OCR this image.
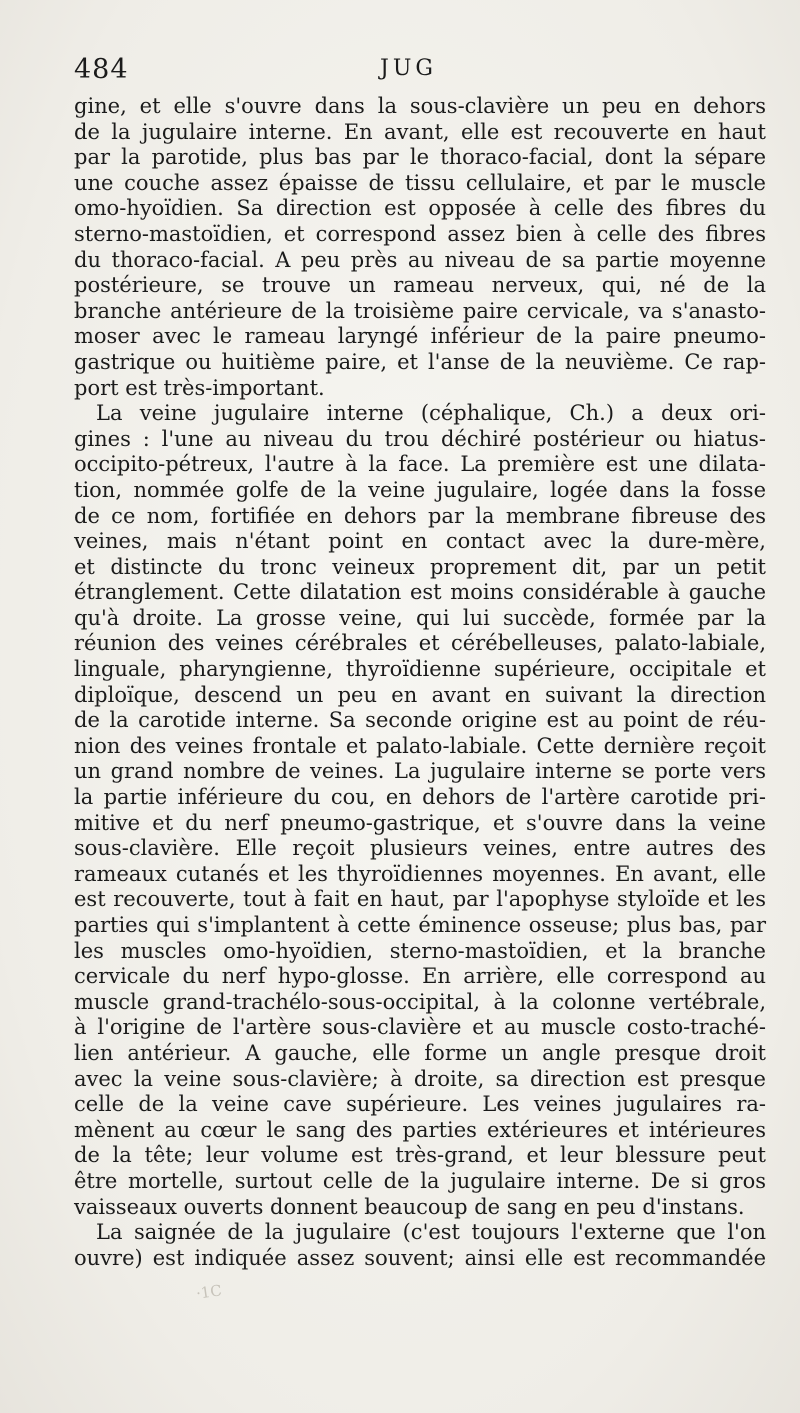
484	JUG
gine, et elle s'ouvre dans la sous-clavière un peu en dehors
de la jugulaire interne. En avant, elle est recouverte en haut
par la parotide, plus bas par le thoraco-facial, dont la sépare
une couche assez épaisse de tissu cellulaire, et par le muscle
omo-hyoïdien. Sa direction est opposée à celle des fibres du
sterno-mastoïdien, et correspond assez bien à celle des fibres
du thoraco-facial. A peu près au niveau de sa partie moyenne
postérieure, se trouve un rameau nerveux, qui, né de la
branche antérieure de la troisième paire cervicale, va s'anasto-
moser avec le rameau laryngé inférieur de la paire pneumo-
gastrique ou huitième paire, et l'anse de la neuvième. Ce rap-
port est très-important.
La veine jugulaire interne (céphalique, Ch.) a deux ori-
gines : l'une au niveau du trou déchiré postérieur ou hiatus-
occipito-pétreux, l'autre à la face. La première est une dilata-
tion, nommée golfe de la veine jugulaire, logée dans la fosse
de ce nom, fortifiée en dehors par la membrane fibreuse des
veines, mais n'étant point en contact avec la dure-mère,
et distincte du tronc veineux proprement dit, par un petit
étranglement. Cette dilatation est moins considérable à gauche
qu'à droite. La grosse veine, qui lui succède, formée par la
réunion des veines cérébrales et cérébelleuses, palato-labiale,
linguale, pharyngienne, thyroïdienne supérieure, occipitale et
diploïque, descend un peu en avant en suivant la direction
de la carotide interne. Sa seconde origine est au point de réu-
nion des veines frontale et palato-labiale. Cette dernière reçoit
un grand nombre de veines. La jugulaire interne se porte vers
la partie inférieure du cou, en dehors de l'artère carotide pri-
mitive et du nerf pneumo-gastrique, et s'ouvre dans la veine
sous-clavière. Elle reçoit plusieurs veines, entre autres des
rameaux cutanés et les thyroïdiennes moyennes. En avant, elle
est recouverte, tout à fait en haut, par l'apophyse styloïde et les
parties qui s'implantent à cette éminence osseuse; plus bas, par
les muscles omo-hyoïdien, sterno-mastoïdien, et la branche
cervicale du nerf hypo-glosse. En arrière, elle correspond au
muscle grand-trachélo-sous-occipital, à la colonne vertébrale,
à l'origine de l'artère sous-clavière et au muscle costo-traché-
lien antérieur. A gauche, elle forme un angle presque droit
avec la veine sous-clavière; à droite, sa direction est presque
celle de la veine cave supérieure. Les veines jugulaires ra-
mènent au cœur le sang des parties extérieures et intérieures
de la tête; leur volume est très-grand, et leur blessure peut
être mortelle, surtout celle de la jugulaire interne. De si gros
vaisseaux ouverts donnent beaucoup de sang en peu d'instans.
La saignée de la jugulaire (c'est toujours l'externe que l'on
ouvre) est indiquée assez souvent; ainsi elle est recommandée
·1C
